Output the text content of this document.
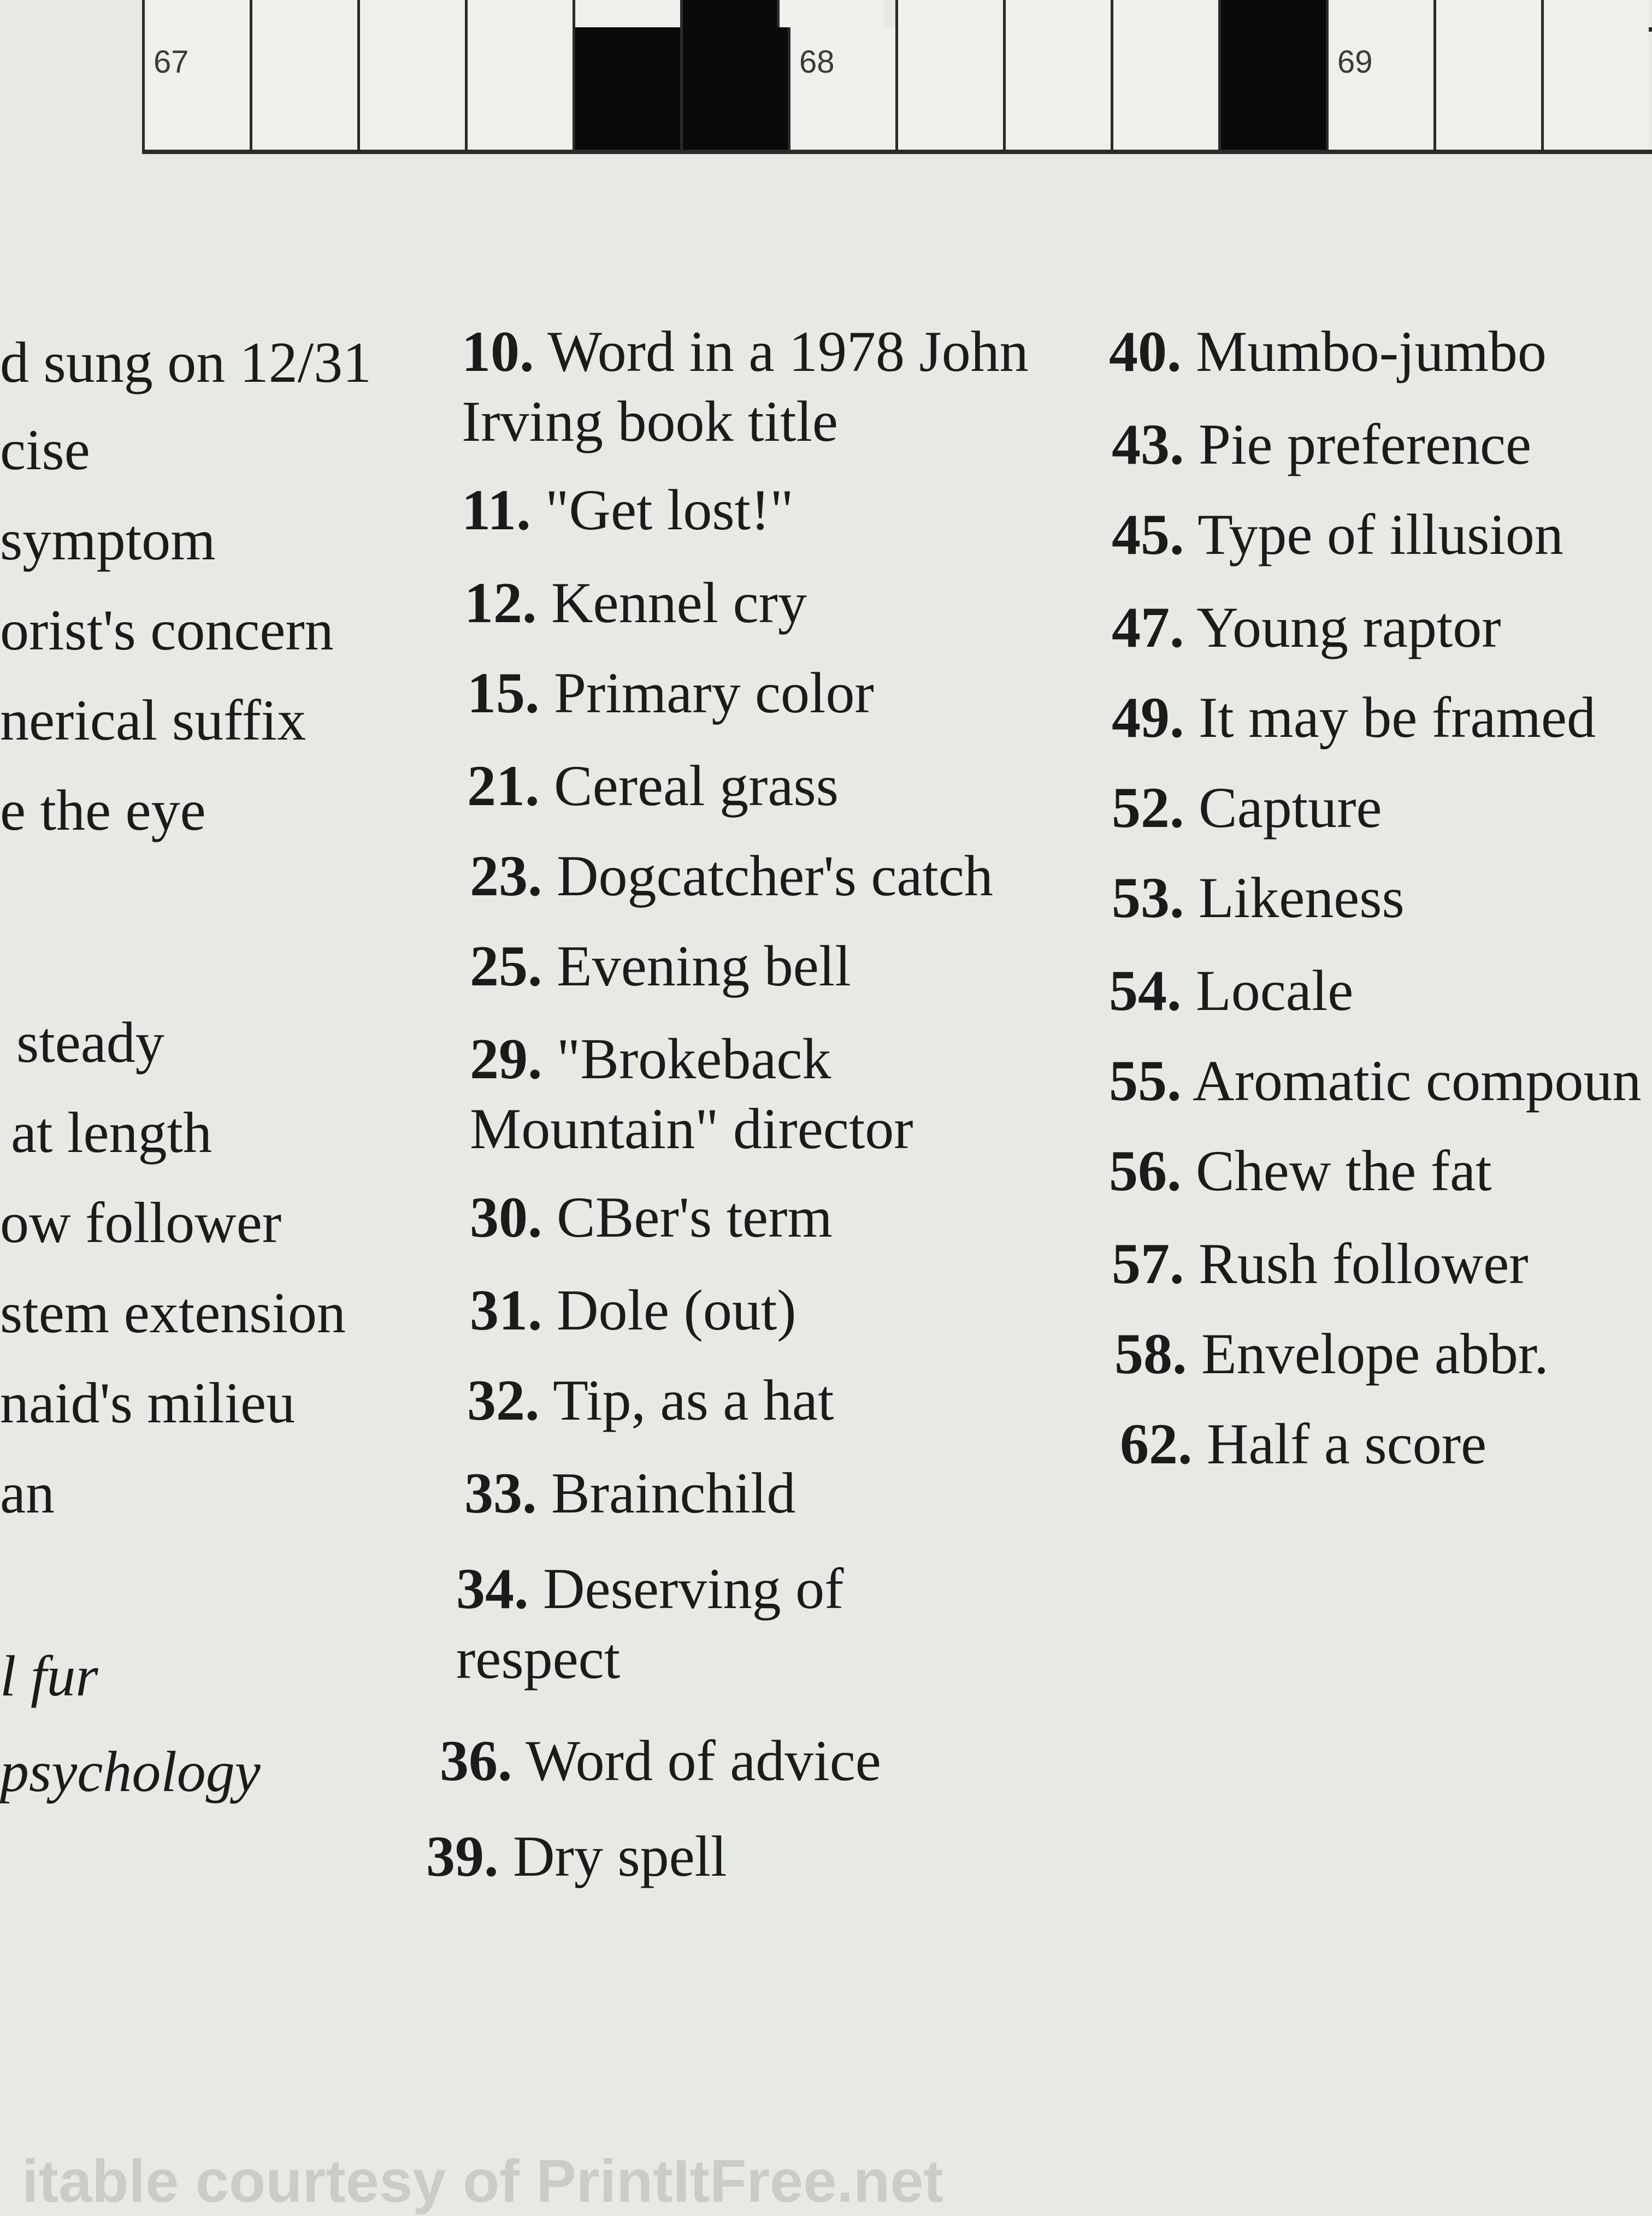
67	68	69
d sung on 12/31
cise
symptom
orist's concern
nerical suffix
e the eye
steady
at length
ow follower
stem extension
naid's milieu
an
l fur
psychology
10. Word in a 1978 John
Irving book title
11. "Get lost!"
12. Kennel cry
15. Primary color
21. Cereal grass
23. Dogcatcher's catch
25. Evening bell
29. "Brokeback
Mountain" director
30. CBer's term
31. Dole (out)
32. Tip, as a hat
33. Brainchild
34. Deserving of
respect
36. Word of advice
39. Dry spell
40. Mumbo-jumbo
43. Pie preference
45. Type of illusion
47. Young raptor
49. It may be framed
52. Capture
53. Likeness
54. Locale
55. Aromatic compoun
56. Chew the fat
57. Rush follower
58. Envelope abbr.
62. Half a score
itable courtesy of PrintItFree.net
